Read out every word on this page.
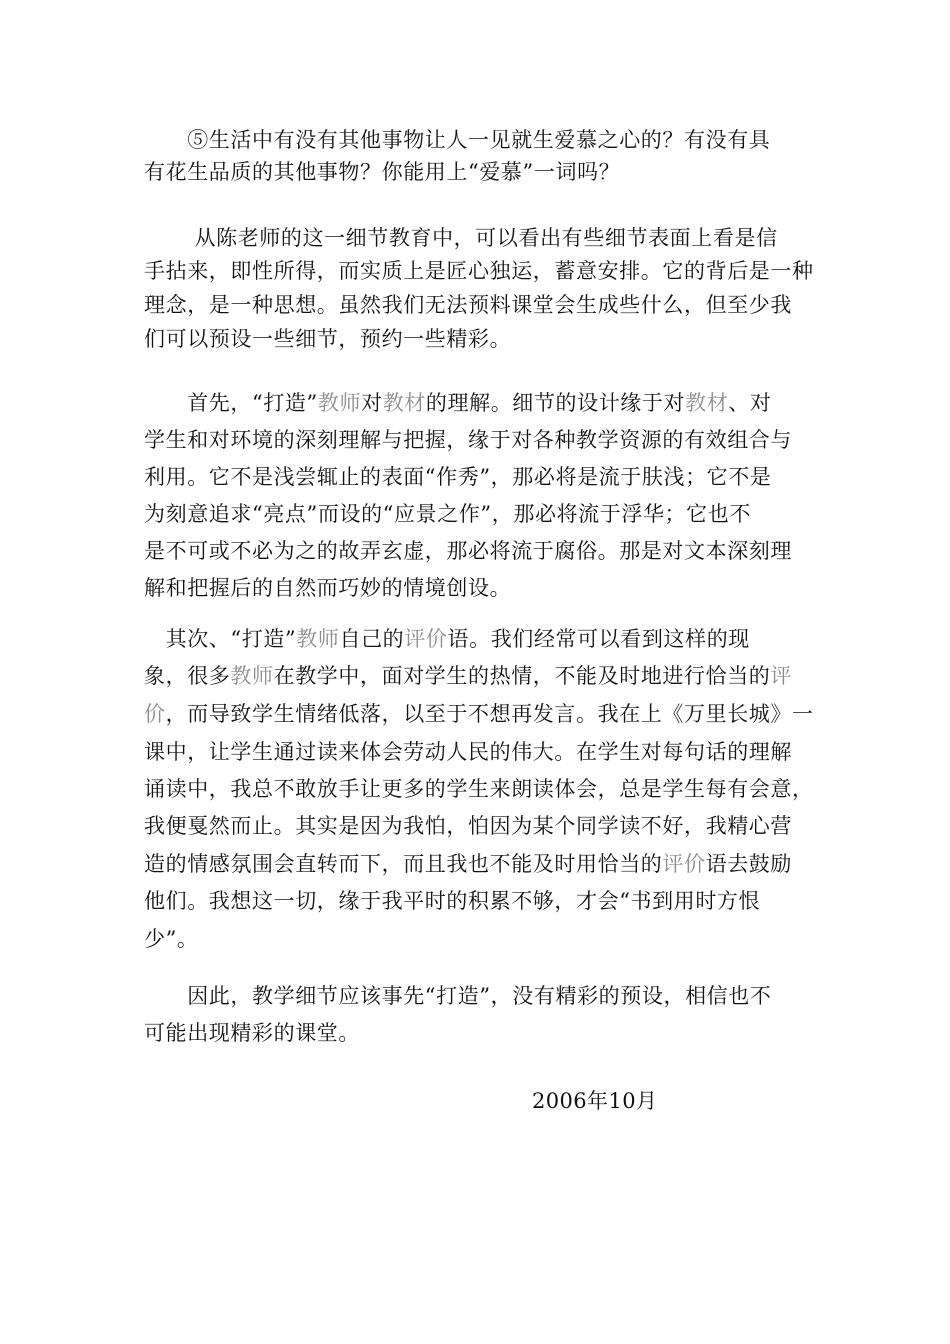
　　⑤生活中有没有其他事物让人一见就生爱慕之心的？有没有具
有花生品质的其他事物？你能用上“爱慕”一词吗？
　　 从陈老师的这一细节教育中，可以看出有些细节表面上看是信
手拈来，即性所得，而实质上是匠心独运，蓄意安排。它的背后是一种
理念，是一种思想。虽然我们无法预料课堂会生成些什么，但至少我
们可以预设一些细节，预约一些精彩。
　　首先，“打造”教师对教材的理解。细节的设计缘于对教材、对
学生和对环境的深刻理解与把握，缘于对各种教学资源的有效组合与
利用。它不是浅尝辄止的表面“作秀”，那必将是流于肤浅；它不是
为刻意追求“亮点”而设的“应景之作”，那必将流于浮华；它也不
是不可或不必为之的故弄玄虚，那必将流于腐俗。那是对文本深刻理
解和把握后的自然而巧妙的情境创设。
　其次、“打造”教师自己的评价语。我们经常可以看到这样的现
象，很多教师在教学中，面对学生的热情，不能及时地进行恰当的评
价，而导致学生情绪低落，以至于不想再发言。我在上《万里长城》一
课中，让学生通过读来体会劳动人民的伟大。在学生对每句话的理解
诵读中，我总不敢放手让更多的学生来朗读体会，总是学生每有会意，
我便戛然而止。其实是因为我怕，怕因为某个同学读不好，我精心营
造的情感氛围会直转而下，而且我也不能及时用恰当的评价语去鼓励
他们。我想这一切，缘于我平时的积累不够，才会“书到用时方恨
少”。
　　因此，教学细节应该事先“打造”，没有精彩的预设，相信也不
可能出现精彩的课堂。
2006年10月
